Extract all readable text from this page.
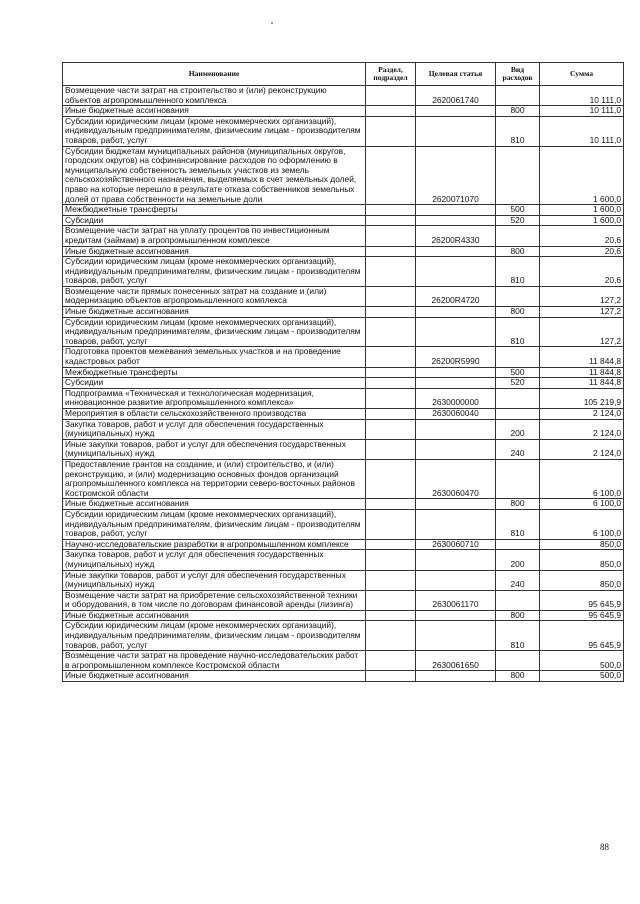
Наименование	Раздел, подраздел	Целевая статья	Вид расходов	Сумма
Возмещение части затрат на строительство и (или) реконструкцию объектов агропромышленного комплекса		2620061740		10 111,0
Иные бюджетные ассигнования			800	10 111,0
Субсидии юридическим лицам (кроме некоммерческих организаций), индивидуальным предпринимателям, физическим лицам - производителям товаров, работ, услуг			810	10 111,0
Субсидии бюджетам муниципальных районов (муниципальных округов, городских округов) на софинансирование расходов по оформлению в муниципальную собственность земельных участков из земель сельскохозяйственного назначения, выделяемых в счет земельных долей, право на которые перешло в результате отказа собственников земельных долей от права собственности на земельные доли		2620071070		1 600,0
Межбюджетные трансферты			500	1 600,0
Субсидии			520	1 600,0
Возмещение части затрат на уплату процентов по инвестиционным кредитам (займам) в агропромышленном комплексе		26200R4330		20,6
Иные бюджетные ассигнования			800	20,6
Субсидии юридическим лицам (кроме некоммерческих организаций), индивидуальным предпринимателям, физическим лицам - производителям товаров, работ, услуг			810	20,6
Возмещение части прямых понесенных затрат на создание и (или) модернизацию объектов агропромышленного комплекса		26200R4720		127,2
Иные бюджетные ассигнования			800	127,2
Субсидии юридическим лицам (кроме некоммерческих организаций), индивидуальным предпринимателям, физическим лицам - производителям товаров, работ, услуг			810	127,2
Подготовка проектов межевания земельных участков и на проведение кадастровых работ		26200R5990		11 844,8
Межбюджетные трансферты			500	11 844,8
Субсидии			520	11 844,8
Подпрограмма «Техническая и технологическая модернизация, инновационное развитие агропромышленного комплекса»		2630000000		105 219,9
Мероприятия в области сельскохозяйственного производства		2630060040		2 124,0
Закупка товаров, работ и услуг для обеспечения государственных (муниципальных) нужд			200	2 124,0
Иные закупки товаров, работ и услуг для обеспечения государственных (муниципальных) нужд			240	2 124,0
Предоставление грантов на создание, и (или) строительство, и (или) реконструкцию, и (или) модернизацию основных фондов организаций агропромышленного комплекса на территории северо-восточных районов Костромской области		2630060470		6 100,0
Иные бюджетные ассигнования			800	6 100,0
Субсидии юридическим лицам (кроме некоммерческих организаций), индивидуальным предпринимателям, физическим лицам - производителям товаров, работ, услуг			810	6 100,0
Научно-исследовательские разработки в агропромышленном комплексе		2630060710		850,0
Закупка товаров, работ и услуг для обеспечения государственных (муниципальных) нужд			200	850,0
Иные закупки товаров, работ и услуг для обеспечения государственных (муниципальных) нужд			240	850,0
Возмещение части затрат на приобретение сельскохозяйственной техники и оборудования, в том числе по договорам финансовой аренды (лизинга)		2630061170		95 645,9
Иные бюджетные ассигнования			800	95 645,9
Субсидии юридическим лицам (кроме некоммерческих организаций), индивидуальным предпринимателям, физическим лицам - производителям товаров, работ, услуг			810	95 645,9
Возмещение части затрат на проведение научно-исследовательских работ в агропромышленном комплексе Костромской области		2630061650		500,0
Иные бюджетные ассигнования			800	500,0
88
